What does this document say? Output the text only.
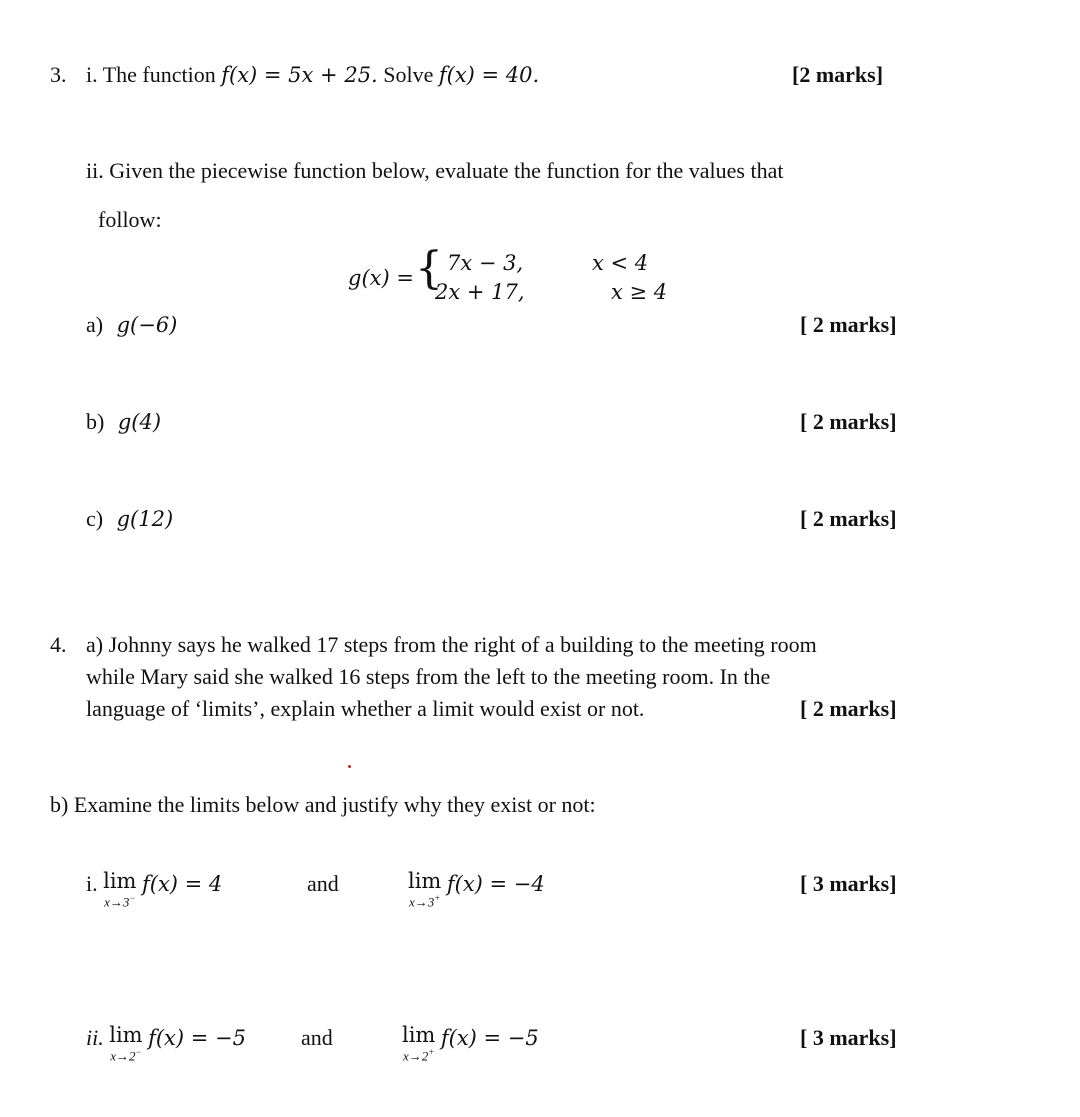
3. i. The function f(x) = 5x + 25. Solve f(x) = 40.	[2 marks]
ii. Given the piecewise function below, evaluate the function for the values that
follow:
g(x) = { 7x − 3,	x < 4
2x + 17,	x ≥ 4
a) g(−6)	[ 2 marks]
b) g(4)	[ 2 marks]
c) g(12)	[ 2 marks]
4. a) Johnny says he walked 17 steps from the right of a building to the meeting room
while Mary said she walked 16 steps from the left to the meeting room. In the
language of ‘limits’, explain whether a limit would exist or not.	[ 2 marks]
b) Examine the limits below and justify why they exist or not:
i. lim
x→3−
f(x) = 4	and	lim
x→3+
f(x) = −4	[ 3 marks]
ii. lim
x→2−
f(x) = −5	and	lim
x→2+
f(x) = −5	[ 3 marks]
